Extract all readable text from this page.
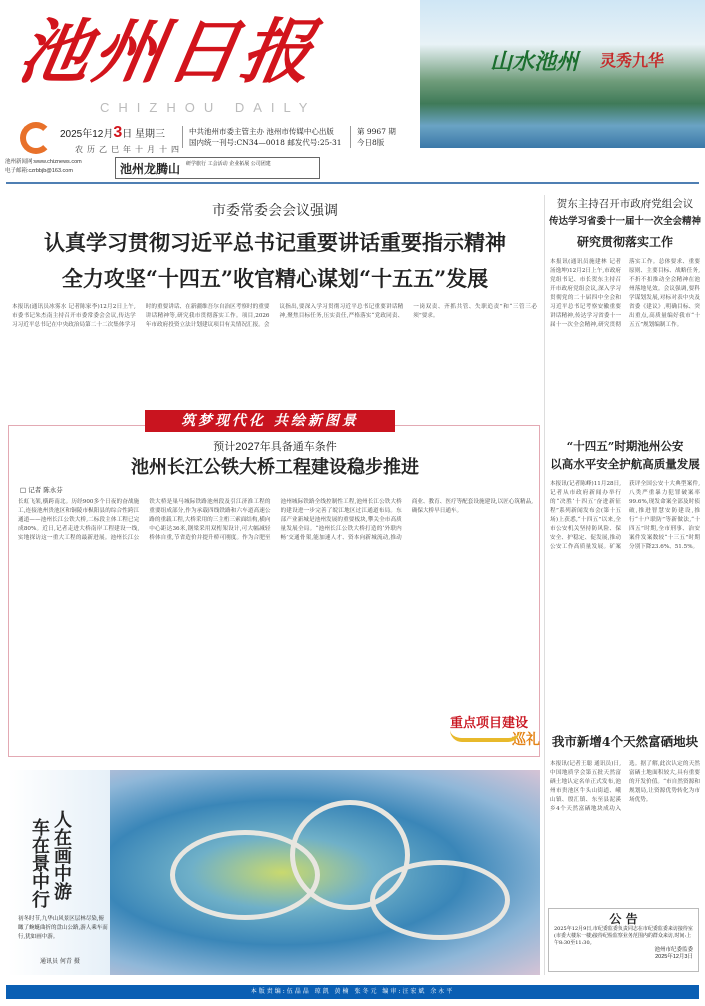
池州日报
CHIZHOU DAILY
山水池州 灵秀九华
2025年12月3日 星期三
农历乙巳年十月十四
中共池州市委主管主办 池州市传媒中心出版
国内统一刊号:CN34—0018 邮发代号:25-31
第 9967 期
今日8版
池州新闻网:www.chiznews.com
电子邮箱:czrbbjb@163.com	池州龙腾山 研学旅行 工会活动 企业拓展 公司团建
市委常委会会议强调
认真学习贯彻习近平总书记重要讲话重要指示精神
全力攻坚“十四五”收官精心谋划“十五五”发展
本报讯(通讯员冰雾水 记者陈家李)12月2日上午,市委书记朱杰南主持召开市委常委会会议,传达学习习近平总书记在中央政治局第二十二次集体学习时的重要讲话、在新疆维吾尔自治区考察时的重要讲话精神等,研究我市贯彻落实工作。项目,2026年市政府投资立法计划建议项目有关情况汇报。会议指出,要深入学习贯彻习近平总书记重要讲话精神,聚焦目标任务,压实责任,严格落实“党政同责、一岗双责、齐抓共管、失职追责”和“三管三必须”要求。
贺东主持召开市政府党组会议
传达学习省委十一届十一次全会精神
研究贯彻落实工作
本报讯(通讯员施建林 记者汤逸坤)12月2日上午,市政府党组书记、市长贺东主持召开市政府党组会议,深入学习贯彻党的二十届四中全会和习近平总书记考察安徽重要讲话精神,传达学习省委十一届十一次全会精神,研究贯彻落实工作。总体要求、重要原则、主要目标、战略任务,不折不扣推动全会精神在池州落地见效。会议强调,要科学谋划发展,对标对表中央及省委《建议》,明确目标、突出重点,高质量编好我市“十五五”规划编制工作。
筑梦现代化 共绘新图景
预计2027年具备通车条件
池州长江公铁大桥工程建设稳步推进
□ 记者 陈永芬
长虹飞架,横跨南北。历经900多个日夜的奋战施工,连接池州贵池区和铜陵市枞阳县的综合性跨江通道——池州长江公铁大桥,二标段主体工程已完成80%。近日,记者走进大桥南岸工程建设一线,实地探访这一重大工程的最新进展。池州长江公铁大桥是巢马城际铁路池州段及引江济淮工程的重要组成部分,作为承载四线铁路和六车道高速公路的重载工程,大桥采用的三主桁三索面结构,横向中心距达36米,钢梁采用双桁架设计,可大幅减轻桥体自重,节省造价并提升桥可刚度。作为合肥至池州城际铁路全线控制性工程,池州长江公铁大桥的建设进一步完善了皖江地区过江通道布局。东部产业新城是池州发展的重要板块,攀关全市高质量发展全局。“池州长江公铁大桥打造的‘外联内畅’交通骨架,能加速人才、资本向新城流动,推动商业、教育、医疗等配套设施建设,以匠心筑精品,确保大桥早日通车。
重点项目建设
巡礼
人在画中游
车在景中行
初冬时节,九华山风景区层林尽染,俯瞰了蜿蜒曲折的盘山公路,游人乘车而行,犹如画中游。
通讯员 何青 摄
“十四五”时期池州公安
以高水平安全护航高质量发展
本报讯(记者陈峰)11月28日,记者从市政府新闻办举行的“决胜‘十四五’奋进新征程”系列新闻发布会(第十五场)上获悉,“十四五”以来,全市公安机关坚持防风险、保安全、护稳定、促发展,推动公安工作高质量发展。矿案获评全国公安十大典型案件,八类严重暴力犯罪破案率99.6%,现发命案全部及时侦破,推进智慧安防建设,推行“十户联防”等新做法,“十四五”时期,全市刑事、治安案件发案数较“十三五”时期分别下降23.6%、51.5%。
我市新增4个天然富硒地块
本报讯(记者王聪 通讯员)日,中国地质学会第五批天然富硒土地认定名单正式发布,池州市贵池区牛头山街道、峨山镇、殷汇镇、东至县泥溪乡4个天然富硒地块成功入选。据了解,此次认定的天然富硒土地面积较大,具有重要的开发价值。“市自然资源和规划局,让资源优势转化为市场优势。
公 告
2025年12月9日,市纪委监委负责同志在市纪委监委来访接待室(市委大楼东一楼)接待纪检监察业务范围内的群众来访,时间:上午8:30至11:30。
池州市纪委监委
2025年12月3日
本版责编:伍晶晶 琼凯 黄楠 张冬元 编审:汪宏斌 余永平
